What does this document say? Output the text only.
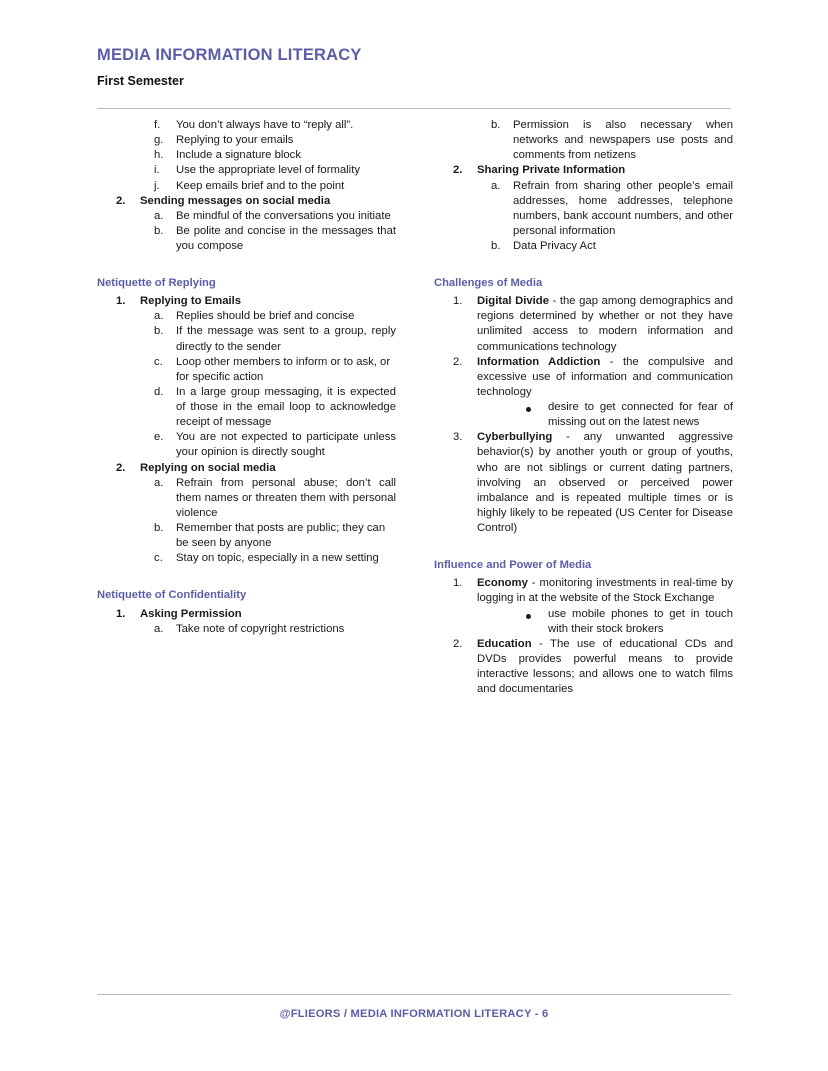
MEDIA INFORMATION LITERACY
First Semester
f.	You don’t always have to “reply all”.
g.	Replying to your emails
h.	Include a signature block
i.	Use the appropriate level of formality
j.	Keep emails brief and to the point
2.	Sending messages on social media
a.	Be mindful of the conversations you initiate
b.	Be polite and concise in the messages that you compose
Netiquette of Replying
1.	Replying to Emails
a.	Replies should be brief and concise
b.	If the message was sent to a group, reply directly to the sender
c.	Loop other members to inform or to ask, or for specific action
d.	In a large group messaging, it is expected of those in the email loop to acknowledge receipt of message
e.	You are not expected to participate unless your opinion is directly sought
2.	Replying on social media
a.	Refrain from personal abuse; don’t call them names or threaten them with personal violence
b.	Remember that posts are public; they can be seen by anyone
c.	Stay on topic, especially in a new setting
Netiquette of Confidentiality
1.	Asking Permission
a.	Take note of copyright restrictions
b.	Permission is also necessary when networks and newspapers use posts and comments from netizens
2.	Sharing Private Information
a.	Refrain from sharing other people’s email addresses, home addresses, telephone numbers, bank account numbers, and other personal information
b.	Data Privacy Act
Challenges of Media
1.	Digital Divide - the gap among demographics and regions determined by whether or not they have unlimited access to modern information and communications technology
2.	Information Addiction - the compulsive and excessive use of information and communication technology
desire to get connected for fear of missing out on the latest news
3.	Cyberbullying - any unwanted aggressive behavior(s) by another youth or group of youths, who are not siblings or current dating partners, involving an observed or perceived power imbalance and is repeated multiple times or is highly likely to be repeated (US Center for Disease Control)
Influence and Power of Media
1.	Economy - monitoring investments in real-time by logging in at the website of the Stock Exchange
use mobile phones to get in touch with their stock brokers
2.	Education - The use of educational CDs and DVDs provides powerful means to provide interactive lessons; and allows one to watch films and documentaries
@FLIEORS / MEDIA INFORMATION LITERACY - 6
